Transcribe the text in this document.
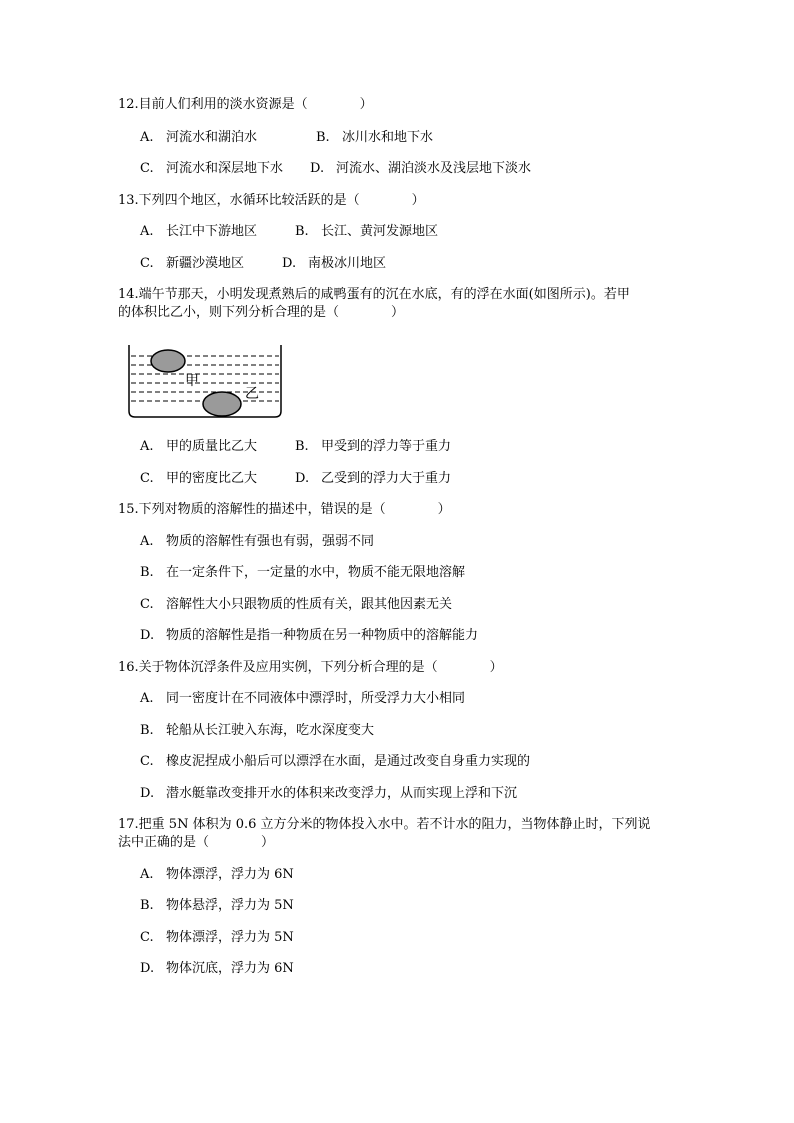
12.目前人们利用的淡水资源是（　　　　）
A. 河流水和湖泊水	B. 冰川水和地下水
C. 河流水和深层地下水 D. 河流水、湖泊淡水及浅层地下淡水
13.下列四个地区，水循环比较活跃的是（　　　　）
A. 长江中下游地区	B. 长江、黄河发源地区
C. 新疆沙漠地区	D. 南极冰川地区
14.端午节那天，小明发现煮熟后的咸鸭蛋有的沉在水底，有的浮在水面(如图所示)。若甲
的体积比乙小，则下列分析合理的是（　　　　）
甲
乙
A. 甲的质量比乙大	B. 甲受到的浮力等于重力
C. 甲的密度比乙大	D. 乙受到的浮力大于重力
15.下列对物质的溶解性的描述中，错误的是（　　　　）
A. 物质的溶解性有强也有弱，强弱不同
B. 在一定条件下，一定量的水中，物质不能无限地溶解
C. 溶解性大小只跟物质的性质有关，跟其他因素无关
D. 物质的溶解性是指一种物质在另一种物质中的溶解能力
16.关于物体沉浮条件及应用实例，下列分析合理的是（　　　　）
A. 同一密度计在不同液体中漂浮时，所受浮力大小相同
B. 轮船从长江驶入东海，吃水深度变大
C. 橡皮泥捏成小船后可以漂浮在水面，是通过改变自身重力实现的
D. 潜水艇靠改变排开水的体积来改变浮力，从而实现上浮和下沉
17.把重 5N 体积为 0.6 立方分米的物体投入水中。若不计水的阻力，当物体静止时，下列说
法中正确的是（　　　　）
A. 物体漂浮，浮力为 6N
B. 物体悬浮，浮力为 5N
C. 物体漂浮，浮力为 5N
D. 物体沉底，浮力为 6N
